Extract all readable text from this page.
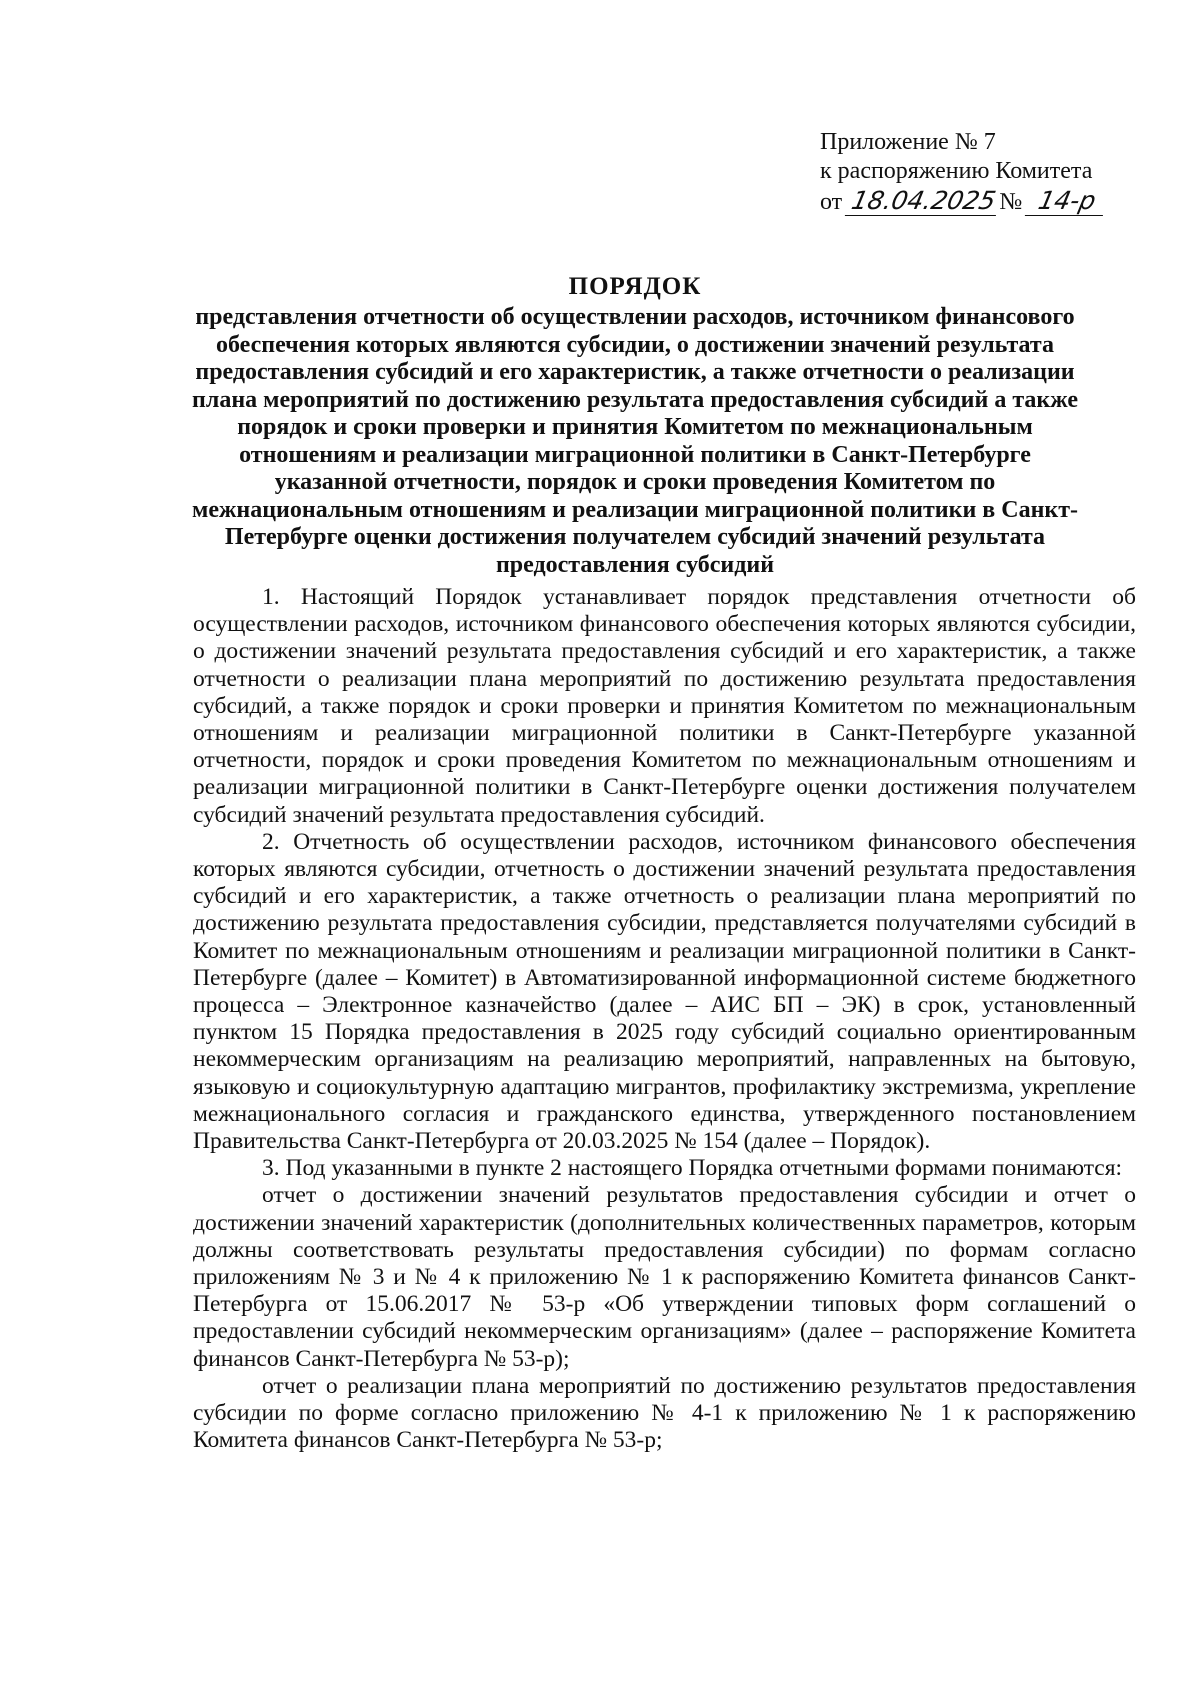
Приложение № 7
к распоряжению Комитета
от 18.04.2025№ 14-р
ПОРЯДОК
представления отчетности об осуществлении расходов, источником финансового обеспечения которых являются субсидии, о достижении значений результата предоставления субсидий и его характеристик, а также отчетности о реализации плана мероприятий по достижению результата предоставления субсидий а также порядок и сроки проверки и принятия Комитетом по межнациональным отношениям и реализации миграционной политики в Санкт-Петербурге указанной отчетности, порядок и сроки проведения Комитетом по межнациональным отношениям и реализации миграционной политики в Санкт-Петербурге оценки достижения получателем субсидий значений результата предоставления субсидий

1. Настоящий Порядок устанавливает порядок представления отчетности об осуществлении расходов, источником финансового обеспечения которых являются субсидии, о достижении значений результата предоставления субсидий и его характеристик, а также отчетности о реализации плана мероприятий по достижению результата предоставления субсидий, а также порядок и сроки проверки и принятия Комитетом по межнациональным отношениям и реализации миграционной политики в Санкт-Петербурге указанной отчетности, порядок и сроки проведения Комитетом по межнациональным отношениям и реализации миграционной политики в Санкт-Петербурге оценки достижения получателем субсидий значений результата предоставления субсидий.

2. Отчетность об осуществлении расходов, источником финансового обеспечения которых являются субсидии, отчетность о достижении значений результата предоставления субсидий и его характеристик, а также отчетность о реализации плана мероприятий по достижению результата предоставления субсидии, представляется получателями субсидий в Комитет по межнациональным отношениям и реализации миграционной политики в Санкт-Петербурге (далее – Комитет) в Автоматизированной информационной системе бюджетного процесса – Электронное казначейство (далее – АИС БП – ЭК) в срок, установленный пунктом 15 Порядка предоставления в 2025 году субсидий социально ориентированным некоммерческим организациям на реализацию мероприятий, направленных на бытовую, языковую и социокультурную адаптацию мигрантов, профилактику экстремизма, укрепление межнационального согласия и гражданского единства, утвержденного постановлением Правительства Санкт-Петербурга от 20.03.2025 № 154 (далее – Порядок).

3. Под указанными в пункте 2 настоящего Порядка отчетными формами понимаются:

отчет о достижении значений результатов предоставления субсидии и отчет о достижении значений характеристик (дополнительных количественных параметров, которым должны соответствовать результаты предоставления субсидии) по формам согласно приложениям № 3 и № 4 к приложению № 1 к распоряжению Комитета финансов Санкт-Петербурга от 15.06.2017 № 53-р «Об утверждении типовых форм соглашений о предоставлении субсидий некоммерческим организациям» (далее – распоряжение Комитета финансов Санкт-Петербурга № 53-р);

отчет о реализации плана мероприятий по достижению результатов предоставления субсидии по форме согласно приложению № 4-1 к приложению № 1 к распоряжению Комитета финансов Санкт-Петербурга № 53-р;
